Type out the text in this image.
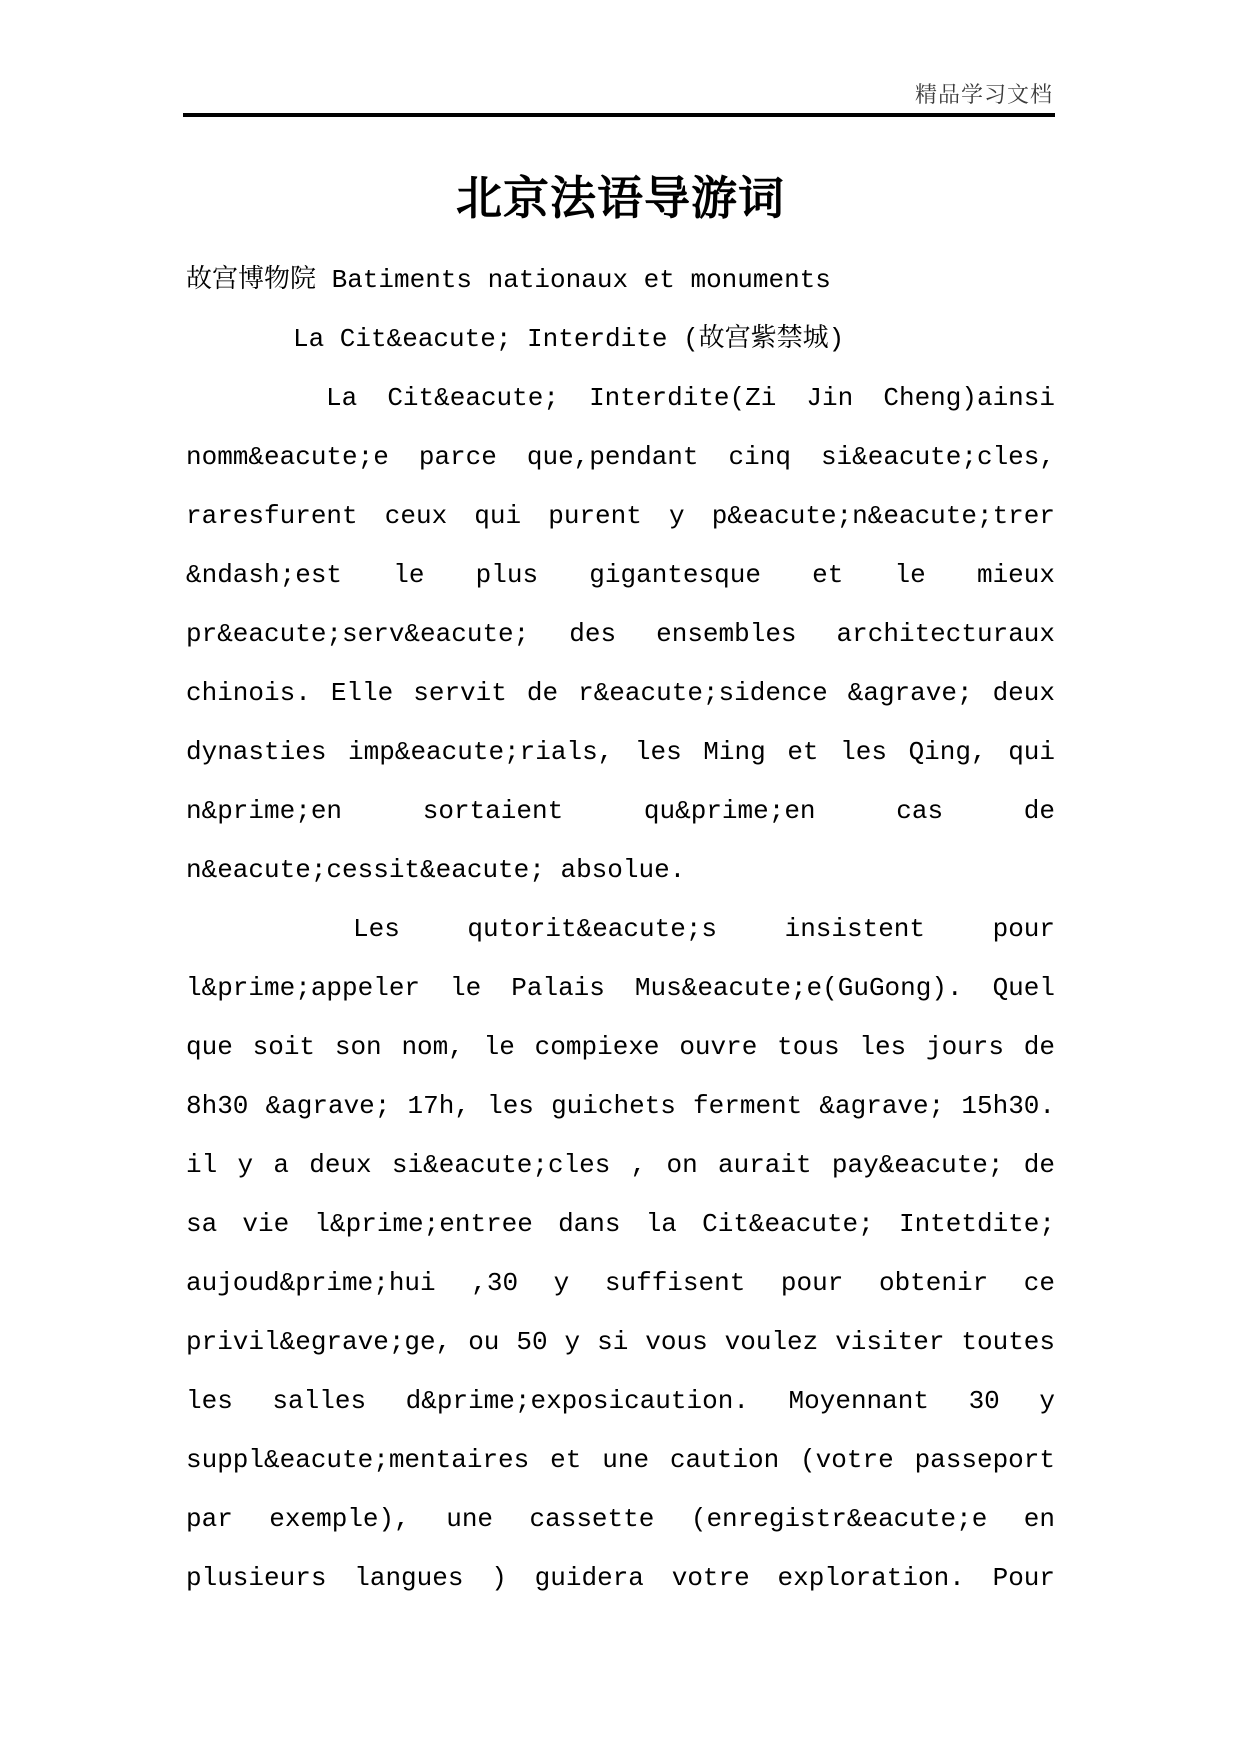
精品学习文档
北京法语导游词
故宫博物院 Batiments nationaux et monuments
La Cit&eacute; Interdite (故宫紫禁城)
La Cit&eacute; Interdite(Zi Jin Cheng)ainsi
nomm&eacute;e parce que,pendant cinq si&eacute;cles,
raresfurent ceux qui purent y p&eacute;n&eacute;trer
&ndash;est le plus gigantesque et le mieux
pr&eacute;serv&eacute; des ensembles architecturaux
chinois. Elle servit de r&eacute;sidence &agrave; deux
dynasties imp&eacute;rials, les Ming et les Qing, qui
n&prime;en sortaient qu&prime;en cas de
n&eacute;cessit&eacute; absolue.
Les qutorit&eacute;s insistent pour
l&prime;appeler le Palais Mus&eacute;e(GuGong). Quel
que soit son nom, le compiexe ouvre tous les jours de
8h30 &agrave; 17h, les guichets ferment &agrave; 15h30.
il y a deux si&eacute;cles , on aurait pay&eacute; de
sa vie l&prime;entree dans la Cit&eacute; Intetdite;
aujoud&prime;hui ,30 y suffisent pour obtenir ce
privil&egrave;ge, ou 50 y si vous voulez visiter toutes
les salles d&prime;exposicaution. Moyennant 30 y
suppl&eacute;mentaires et une caution (votre passeport
par exemple), une cassette (enregistr&eacute;e en
plusieurs langues ) guidera votre exploration. Pour
